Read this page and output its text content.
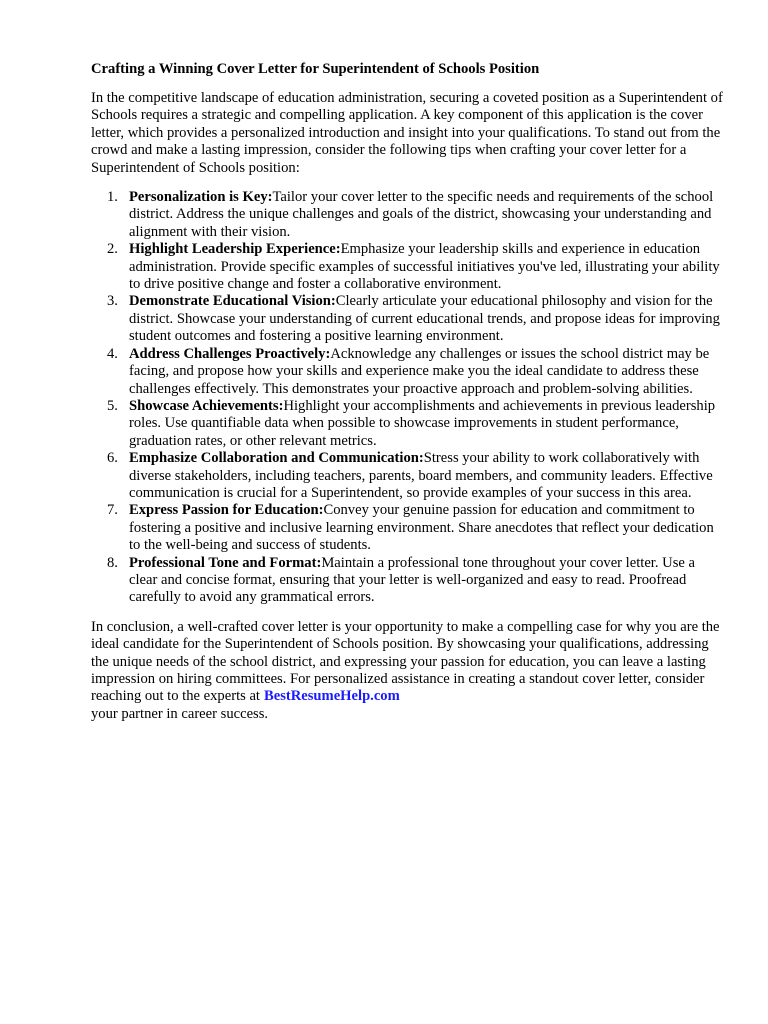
Crafting a Winning Cover Letter for Superintendent of Schools Position

In the competitive landscape of education administration, securing a coveted position as a Superintendent of Schools requires a strategic and compelling application. A key component of this application is the cover letter, which provides a personalized introduction and insight into your qualifications. To stand out from the crowd and make a lasting impression, consider the following tips when crafting your cover letter for a Superintendent of Schools position:

1. Personalization is Key:Tailor your cover letter to the specific needs and requirements of the school district. Address the unique challenges and goals of the district, showcasing your understanding and alignment with their vision.
2. Highlight Leadership Experience:Emphasize your leadership skills and experience in education administration. Provide specific examples of successful initiatives you've led, illustrating your ability to drive positive change and foster a collaborative environment.
3. Demonstrate Educational Vision:Clearly articulate your educational philosophy and vision for the district. Showcase your understanding of current educational trends, and propose ideas for improving student outcomes and fostering a positive learning environment.
4. Address Challenges Proactively:Acknowledge any challenges or issues the school district may be facing, and propose how your skills and experience make you the ideal candidate to address these challenges effectively. This demonstrates your proactive approach and problem-solving abilities.
5. Showcase Achievements:Highlight your accomplishments and achievements in previous leadership roles. Use quantifiable data when possible to showcase improvements in student performance, graduation rates, or other relevant metrics.
6. Emphasize Collaboration and Communication:Stress your ability to work collaboratively with diverse stakeholders, including teachers, parents, board members, and community leaders. Effective communication is crucial for a Superintendent, so provide examples of your success in this area.
7. Express Passion for Education:Convey your genuine passion for education and commitment to fostering a positive and inclusive learning environment. Share anecdotes that reflect your dedication to the well-being and success of students.
8. Professional Tone and Format:Maintain a professional tone throughout your cover letter. Use a clear and concise format, ensuring that your letter is well-organized and easy to read. Proofread carefully to avoid any grammatical errors.

In conclusion, a well-crafted cover letter is your opportunity to make a compelling case for why you are the ideal candidate for the Superintendent of Schools position. By showcasing your qualifications, addressing the unique needs of the school district, and expressing your passion for education, you can leave a lasting impression on hiring committees. For personalized assistance in creating a standout cover letter, consider reaching out to the experts at BestResumeHelp.com
your partner in career success.
